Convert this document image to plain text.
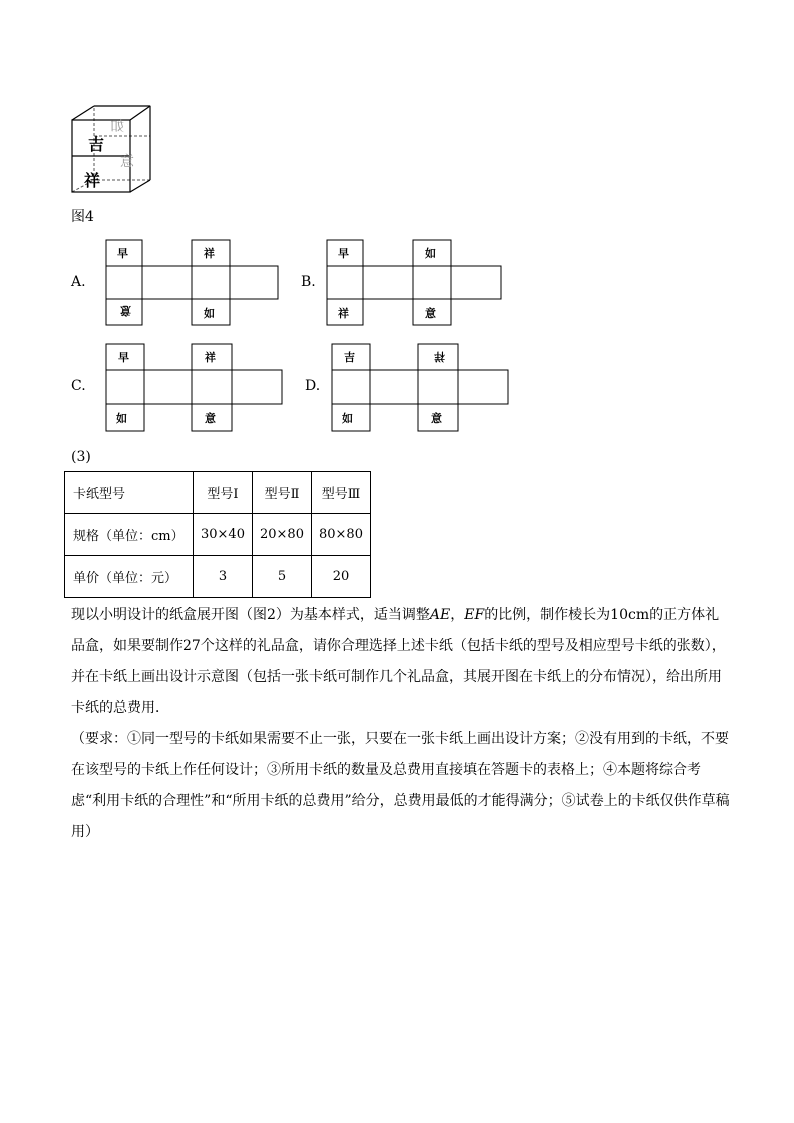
如
意
吉
祥
图4
A.
早	祥
意	如
B.
早	如
祥	意
C.
早	祥
如	意
D.
吉	祥
如	意
(3)
卡纸型号	型号Ⅰ	型号Ⅱ	型号Ⅲ
规格（单位：cm）	30×40	20×80	80×80
单价（单位：元）	3	5	20
现以小明设计的纸盒展开图（图2）为基本样式，适当调整AE，EF的比例，制作棱长为10cm的正方体礼品盒，如果要制作27个这样的礼品盒，请你合理选择上述卡纸（包括卡纸的型号及相应型号卡纸的张数），并在卡纸上画出设计示意图（包括一张卡纸可制作几个礼品盒，其展开图在卡纸上的分布情况），给出所用卡纸的总费用．
（要求：①同一型号的卡纸如果需要不止一张，只要在一张卡纸上画出设计方案；②没有用到的卡纸，不要在该型号的卡纸上作任何设计；③所用卡纸的数量及总费用直接填在答题卡的表格上；④本题将综合考虑“利用卡纸的合理性”和“所用卡纸的总费用”给分，总费用最低的才能得满分；⑤试卷上的卡纸仅供作草稿用）
